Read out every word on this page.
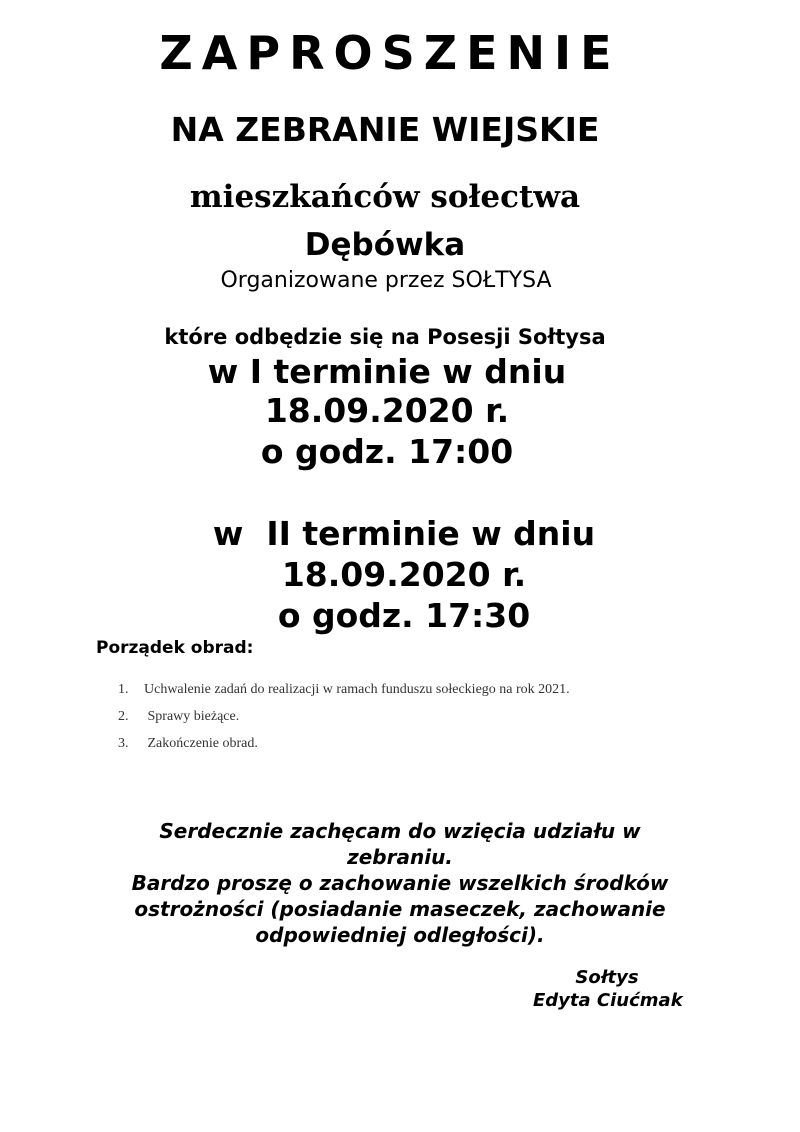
ZAPROSZENIE
NA ZEBRANIE WIEJSKIE
mieszkańców sołectwa
Dębówka
Organizowane przez SOŁTYSA
które odbędzie się na Posesji Sołtysa
w I terminie w dniu
18.09.2020 r.
o godz. 17:00
w  II terminie w dniu
18.09.2020 r.
o godz. 17:30
Porządek obrad:
1.	Uchwalenie zadań do realizacji w ramach funduszu sołeckiego na rok 2021.
2.	Sprawy bieżące.
3.	Zakończenie obrad.
Serdecznie zachęcam do wzięcia udziału w
zebraniu.
Bardzo proszę o zachowanie wszelkich środków
ostrożności (posiadanie maseczek, zachowanie
odpowiedniej odległości).
Sołtys
Edyta Ciućmak
